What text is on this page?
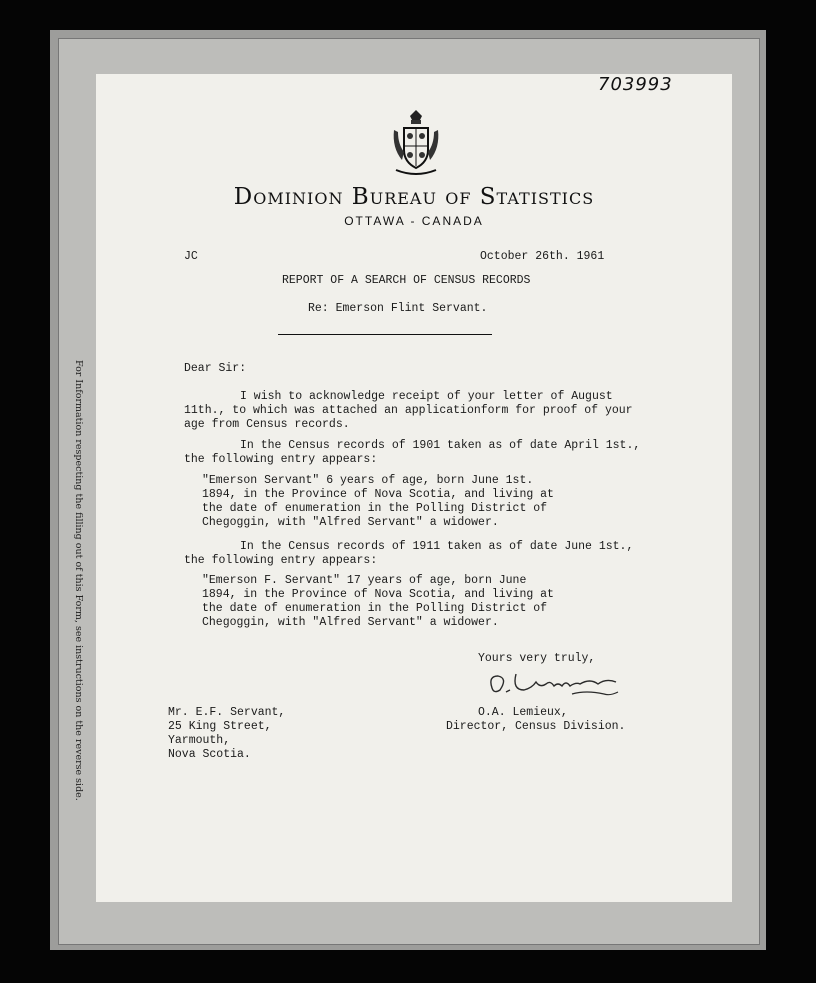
For Information respecting the filling out of this Form, see instructions on the reverse side.
Dominion Bureau of Statistics
OTTAWA - CANADA
JC	October 26th. 1961
REPORT OF A SEARCH OF CENSUS RECORDS
Re: Emerson Flint Servant.
Dear Sir:
I wish to acknowledge receipt of your letter of August 11th., to which was attached an applicationform for proof of your age from Census records.
In the Census records of 1901 taken as of date April 1st., the following entry appears:
"Emerson Servant" 6 years of age, born June 1st. 1894, in the Province of Nova Scotia, and living at the date of enumeration in the Polling District of Chegoggin, with "Alfred Servant" a widower.
In the Census records of 1911 taken as of date June 1st., the following entry appears:
"Emerson F. Servant" 17 years of age, born June 1894, in the Province of Nova Scotia, and living at the date of enumeration in the Polling District of Chegoggin, with "Alfred Servant" a widower.
Yours very truly,
O.A. Lemieux,
Director, Census Division.
Mr. E.F. Servant,
25 King Street,
Yarmouth,
Nova Scotia.
703993
